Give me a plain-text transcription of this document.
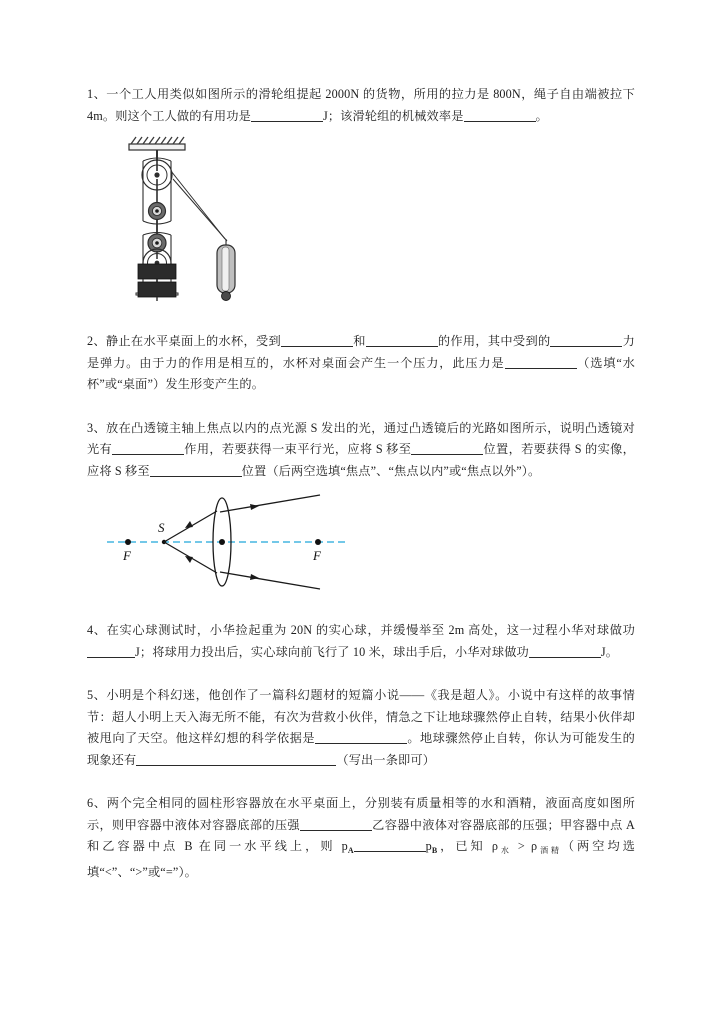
1、一个工人用类似如图所示的滑轮组提起 2000N 的货物，所用的拉力是 800N，绳子自由端被拉下 4m。则这个工人做的有用功是	J；该滑轮组的机械效率是	。
2、静止在水平桌面上的水杯，受到	和	的作用，其中受到的	力是弹力。由于力的作用是相互的，水杯对桌面会产生一个压力，此压力是	（选填“水杯”或“桌面”）发生形变产生的。
3、放在凸透镜主轴上焦点以内的点光源 S 发出的光，通过凸透镜后的光路如图所示，说明凸透镜对光有	作用，若要获得一束平行光，应将 S 移至	位置，若要获得 S 的实像，应将 S 移至	位置（后两空选填“焦点”、“焦点以内”或“焦点以外”）。
S
F	F
4、在实心球测试时，小华捡起重为 20N 的实心球，并缓慢举至 2m 高处，这一过程小华对球做功J；将球用力投出后，实心球向前飞行了 10 米，球出手后，小华对球做功	J。
5、小明是个科幻迷，他创作了一篇科幻题材的短篇小说——《我是超人》。小说中有这样的故事情节：超人小明上天入海无所不能，有次为营救小伙伴，情急之下让地球骤然停止自转，结果小伙伴却被甩向了天空。他这样幻想的科学依据是	。地球骤然停止自转，你认为可能发生的现象还有	（写出一条即可）
6、两个完全相同的圆柱形容器放在水平桌面上，分别装有质量相等的水和酒精，液面高度如图所示，则甲容器中液体对容器底部的压强	乙容器中液体对容器底部的压强；甲容器中点 A 和乙容器中点 B 在同一水平线上，则 $p_A$	$p_B$，已知 $\rho_水 > \rho_{酒精}$（两空均选填“<”、“>”或“=”）。
